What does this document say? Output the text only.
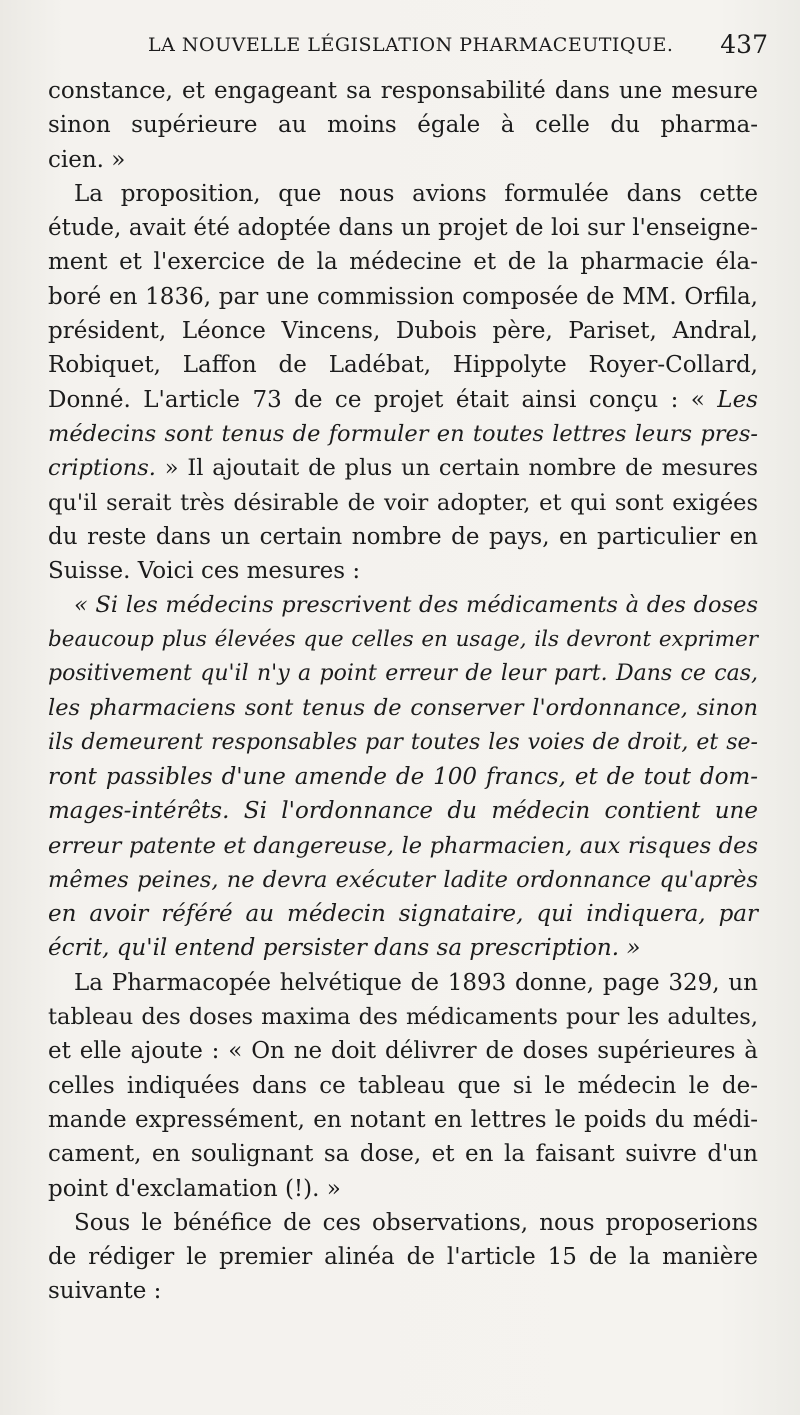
LA NOUVELLE LÉGISLATION PHARMACEUTIQUE. 437
constance, et engageant sa responsabilité dans une mesure
sinon supérieure au moins égale à celle du pharma-
cien. »
La proposition, que nous avions formulée dans cette
étude, avait été adoptée dans un projet de loi sur l'enseigne-
ment et l'exercice de la médecine et de la pharmacie éla-
boré en 1836, par une commission composée de MM. Orfila,
président, Léonce Vincens, Dubois père, Pariset, Andral,
Robiquet, Laffon de Ladébat, Hippolyte Royer-Collard,
Donné. L'article 73 de ce projet était ainsi conçu : « Les
médecins sont tenus de formuler en toutes lettres leurs pres-
criptions. » Il ajoutait de plus un certain nombre de mesures
qu'il serait très désirable de voir adopter, et qui sont exigées
du reste dans un certain nombre de pays, en particulier en
Suisse. Voici ces mesures :
« Si les médecins prescrivent des médicaments à des doses
beaucoup plus élevées que celles en usage, ils devront exprimer
positivement qu'il n'y a point erreur de leur part. Dans ce cas,
les pharmaciens sont tenus de conserver l'ordonnance, sinon
ils demeurent responsables par toutes les voies de droit, et se-
ront passibles d'une amende de 100 francs, et de tout dom-
mages-intérêts. Si l'ordonnance du médecin contient une
erreur patente et dangereuse, le pharmacien, aux risques des
mêmes peines, ne devra exécuter ladite ordonnance qu'après
en avoir référé au médecin signataire, qui indiquera, par
écrit, qu'il entend persister dans sa prescription. »
La Pharmacopée helvétique de 1893 donne, page 329, un
tableau des doses maxima des médicaments pour les adultes,
et elle ajoute : « On ne doit délivrer de doses supérieures à
celles indiquées dans ce tableau que si le médecin le de-
mande expressément, en notant en lettres le poids du médi-
cament, en soulignant sa dose, et en la faisant suivre d'un
point d'exclamation (!). »
Sous le bénéfice de ces observations, nous proposerions
de rédiger le premier alinéa de l'article 15 de la manière
suivante :
